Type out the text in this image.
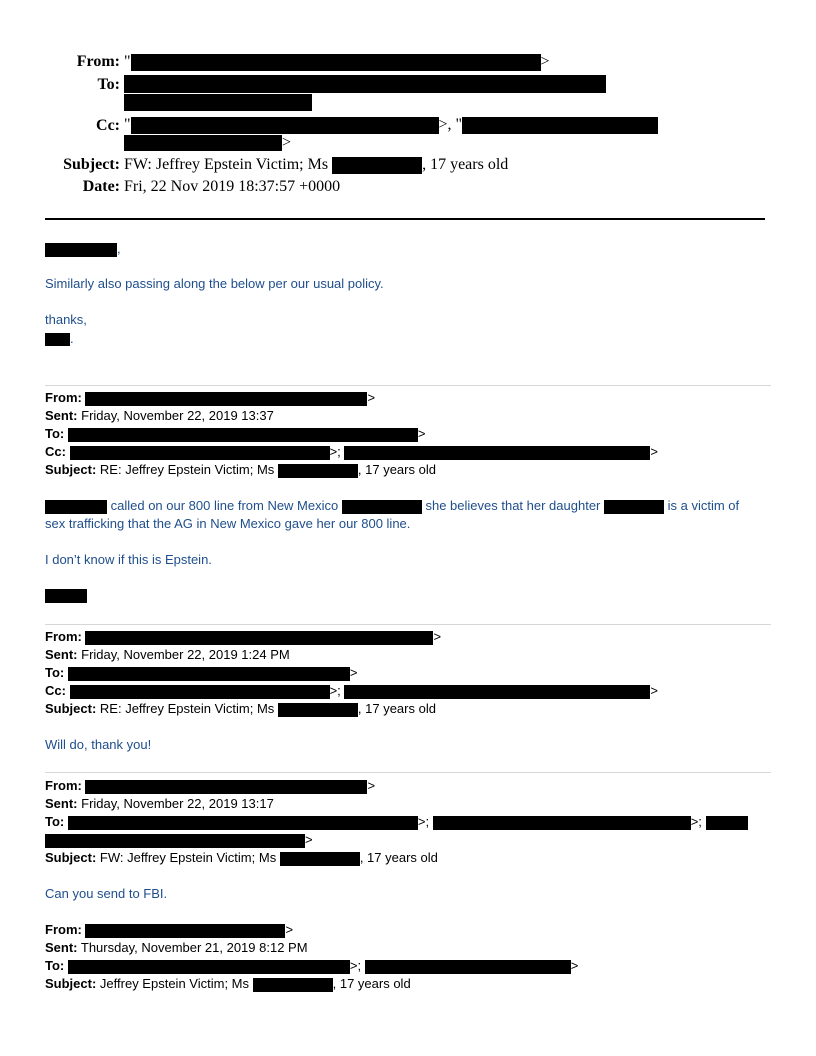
From: "	>
To:
Cc: "	>, "
>
Subject: FW: Jeffrey Epstein Victim; Ms	, 17 years old
Date: Fri, 22 Nov 2019 18:37:57 +0000
,
Similarly also passing along the below per our usual policy.
thanks,
.
From:	>
Sent: Friday, November 22, 2019 13:37
To:	>
Cc:	>;	>
Subject: RE: Jeffrey Epstein Victim; Ms	, 17 years old
called on our 800 line from New Mexico	she believes that her daughter	is a victim of
sex trafficking that the AG in New Mexico gave her our 800 line.
I don’t know if this is Epstein.
From:	>
Sent: Friday, November 22, 2019 1:24 PM
To:	>
Cc:	>;	>
Subject: RE: Jeffrey Epstein Victim; Ms	, 17 years old
Will do, thank you!
From:	>
Sent: Friday, November 22, 2019 13:17
To:	>;	>;
>
Subject: FW: Jeffrey Epstein Victim; Ms	, 17 years old
Can you send to FBI.
From:	>
Sent: Thursday, November 21, 2019 8:12 PM
To:	>;	>
Subject: Jeffrey Epstein Victim; Ms	, 17 years old
